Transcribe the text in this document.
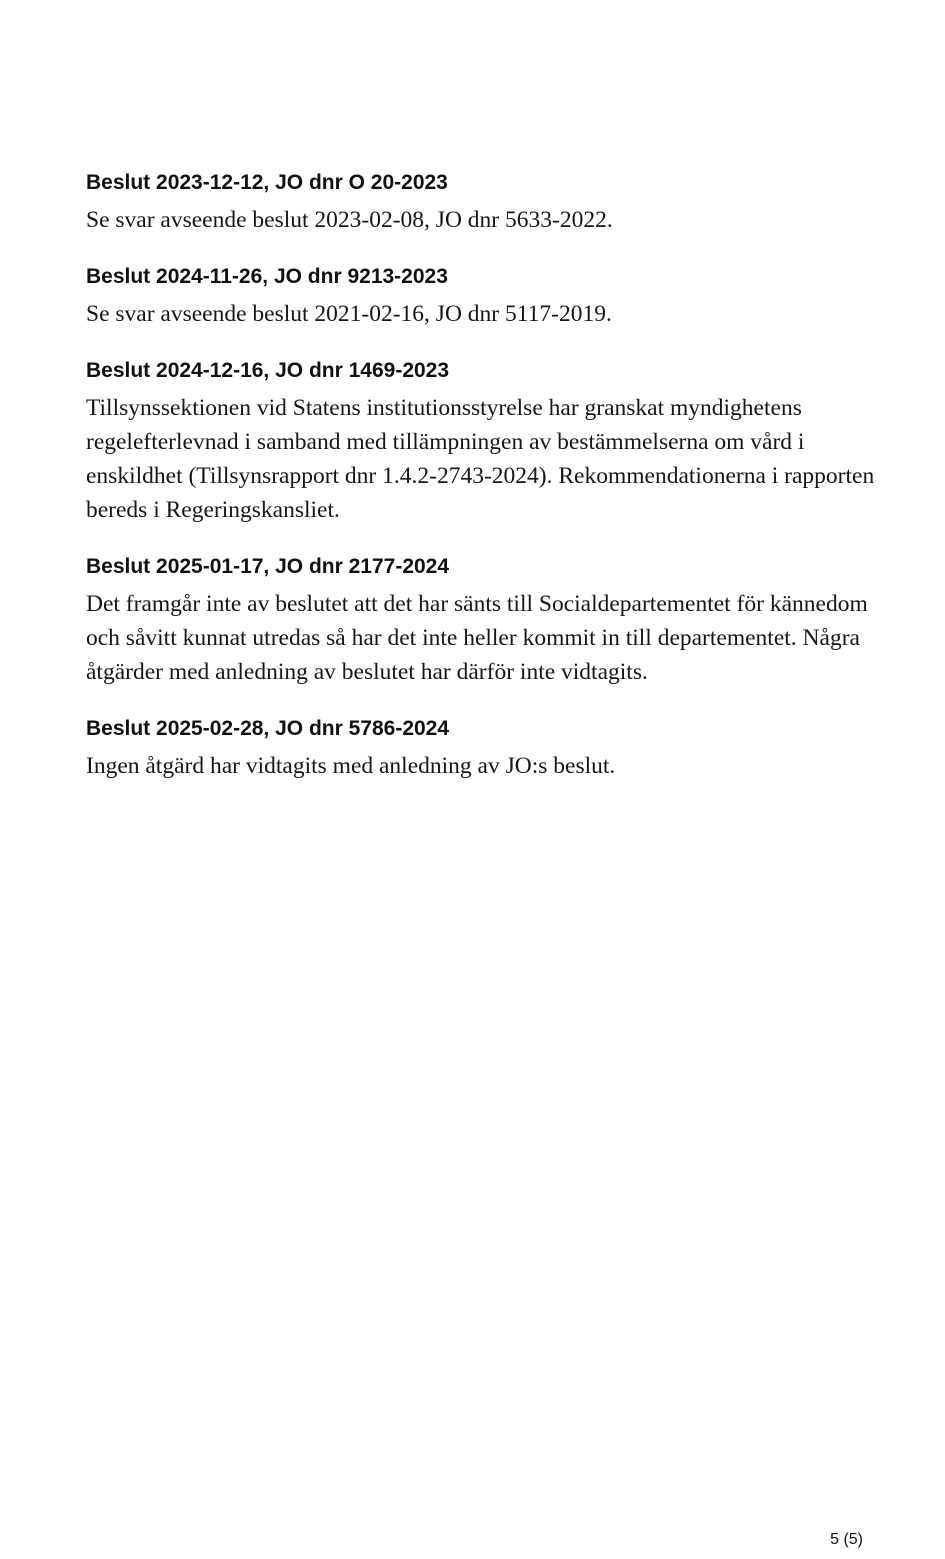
Beslut 2023-12-12, JO dnr O 20-2023

Se svar avseende beslut 2023-02-08, JO dnr 5633-2022.

Beslut 2024-11-26, JO dnr 9213-2023

Se svar avseende beslut 2021-02-16, JO dnr 5117-2019.

Beslut 2024-12-16, JO dnr 1469-2023

Tillsynssektionen vid Statens institutionsstyrelse har granskat myndighetens regelefterlevnad i samband med tillämpningen av bestämmelserna om vård i enskildhet (Tillsynsrapport dnr 1.4.2-2743-2024). Rekommendationerna i rapporten bereds i Regeringskansliet.

Beslut 2025-01-17, JO dnr 2177-2024

Det framgår inte av beslutet att det har sänts till Socialdepartementet för kännedom och såvitt kunnat utredas så har det inte heller kommit in till departementet. Några åtgärder med anledning av beslutet har därför inte vidtagits.

Beslut 2025-02-28, JO dnr 5786-2024

Ingen åtgärd har vidtagits med anledning av JO:s beslut.

5 (5)
